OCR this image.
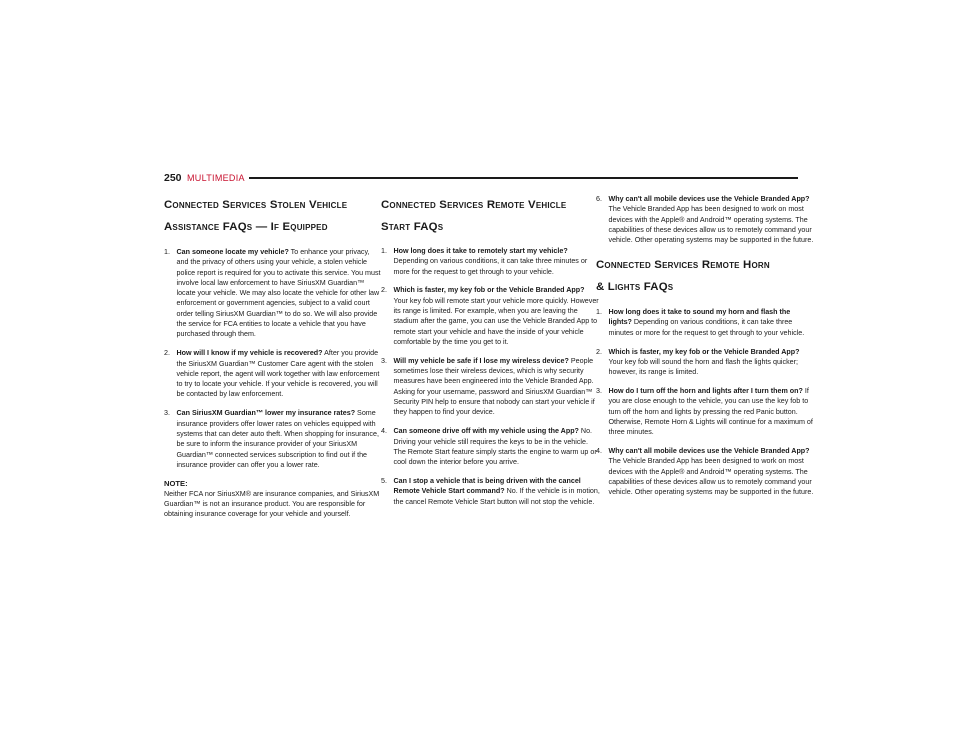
250 MULTIMEDIA
Connected Services Stolen Vehicle
Assistance FAQs — If Equipped
1. Can someone locate my vehicle? To enhance your privacy, and the privacy of others using your vehicle, a stolen vehicle police report is required for you to activate this service. You must involve local law enforcement to have SiriusXM Guardian™ locate your vehicle. We may also locate the vehicle for other law enforcement or government agencies, subject to a valid court order telling SiriusXM Guardian™ to do so. We will also provide the service for FCA entities to locate a vehicle that you have purchased through them.
2. How will I know if my vehicle is recovered? After you provide the SiriusXM Guardian™ Customer Care agent with the stolen vehicle report, the agent will work together with law enforcement to try to locate your vehicle. If your vehicle is recovered, you will be contacted by law enforcement.
3. Can SiriusXM Guardian™ lower my insurance rates? Some insurance providers offer lower rates on vehicles equipped with systems that can deter auto theft. When shopping for insurance, be sure to inform the insurance provider of your SiriusXM Guardian™ connected services subscription to find out if the insurance provider can offer you a lower rate.
NOTE:
Neither FCA nor SiriusXM® are insurance companies, and SiriusXM Guardian™ is not an insurance product. You are responsible for obtaining insurance coverage for your vehicle and yourself.
Connected Services Remote Vehicle
Start FAQs
1. How long does it take to remotely start my vehicle? Depending on various conditions, it can take three minutes or more for the request to get through to your vehicle.
2. Which is faster, my key fob or the Vehicle Branded App? Your key fob will remote start your vehicle more quickly. However its range is limited. For example, when you are leaving the stadium after the game, you can use the Vehicle Branded App to remote start your vehicle and have the inside of your vehicle comfortable by the time you get to it.
3. Will my vehicle be safe if I lose my wireless device? People sometimes lose their wireless devices, which is why security measures have been engineered into the Vehicle Branded App. Asking for your username, password and SiriusXM Guardian™ Security PIN help to ensure that nobody can start your vehicle if they happen to find your device.
4. Can someone drive off with my vehicle using the App? No. Driving your vehicle still requires the keys to be in the vehicle. The Remote Start feature simply starts the engine to warm up or cool down the interior before you arrive.
5. Can I stop a vehicle that is being driven with the cancel Remote Vehicle Start command? No. If the vehicle is in motion, the cancel Remote Vehicle Start button will not stop the vehicle.
6. Why can't all mobile devices use the Vehicle Branded App? The Vehicle Branded App has been designed to work on most devices with the Apple® and Android™ operating systems. The capabilities of these devices allow us to remotely command your vehicle. Other operating systems may be supported in the future.
Connected Services Remote Horn
& Lights FAQs
1. How long does it take to sound my horn and flash the lights? Depending on various conditions, it can take three minutes or more for the request to get through to your vehicle.
2. Which is faster, my key fob or the Vehicle Branded App? Your key fob will sound the horn and flash the lights quicker; however, its range is limited.
3. How do I turn off the horn and lights after I turn them on? If you are close enough to the vehicle, you can use the key fob to turn off the horn and lights by pressing the red Panic button. Otherwise, Remote Horn & Lights will continue for a maximum of three minutes.
4. Why can't all mobile devices use the Vehicle Branded App? The Vehicle Branded App has been designed to work on most devices with the Apple® and Android™ operating systems. The capabilities of these devices allow us to remotely command your vehicle. Other operating systems may be supported in the future.
